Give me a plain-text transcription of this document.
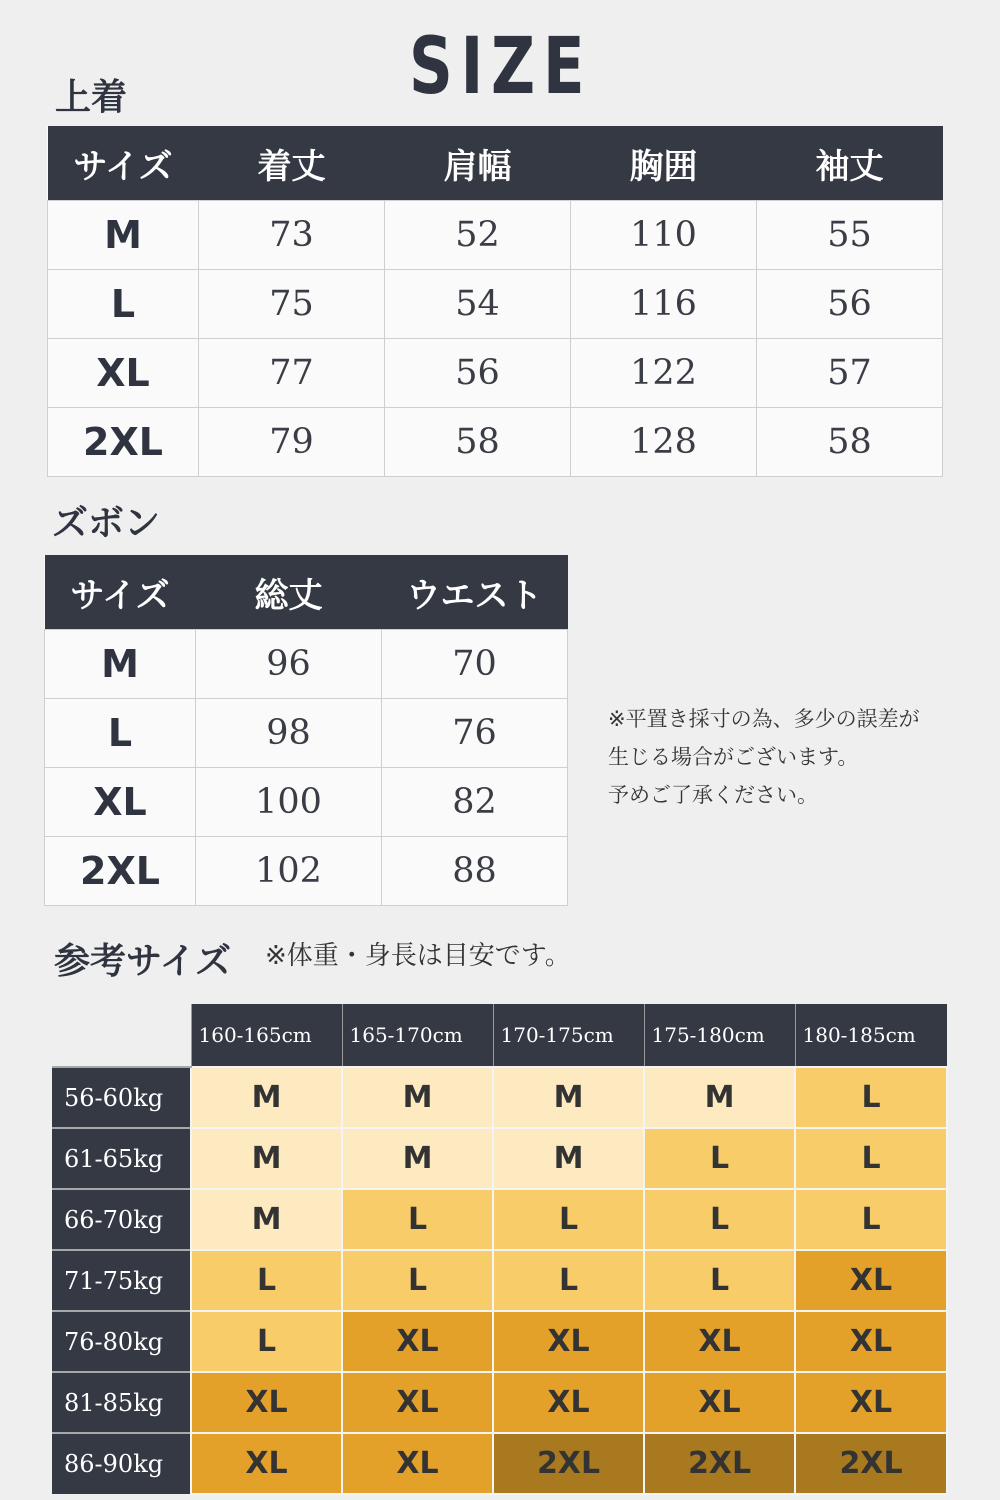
SIZE
上着
サイズ	着丈	肩幅	胸囲	袖丈
M	73	52	110	55
L	75	54	116	56
XL	77	56	122	57
2XL	79	58	128	58
ズボン
サイズ	総丈	ウエスト
M	96	70
L	98	76
XL	100	82
2XL	102	88
※平置き採寸の為、多少の誤差が
生じる場合がございます。
予めご了承ください。
参考サイズ ※体重・身長は目安です。
	160-165cm	165-170cm	170-175cm	175-180cm	180-185cm
56-60kg	M	M	M	M	L
61-65kg	M	M	M	L	L
66-70kg	M	L	L	L	L
71-75kg	L	L	L	L	XL
76-80kg	L	XL	XL	XL	XL
81-85kg	XL	XL	XL	XL	XL
86-90kg	XL	XL	2XL	2XL	2XL
